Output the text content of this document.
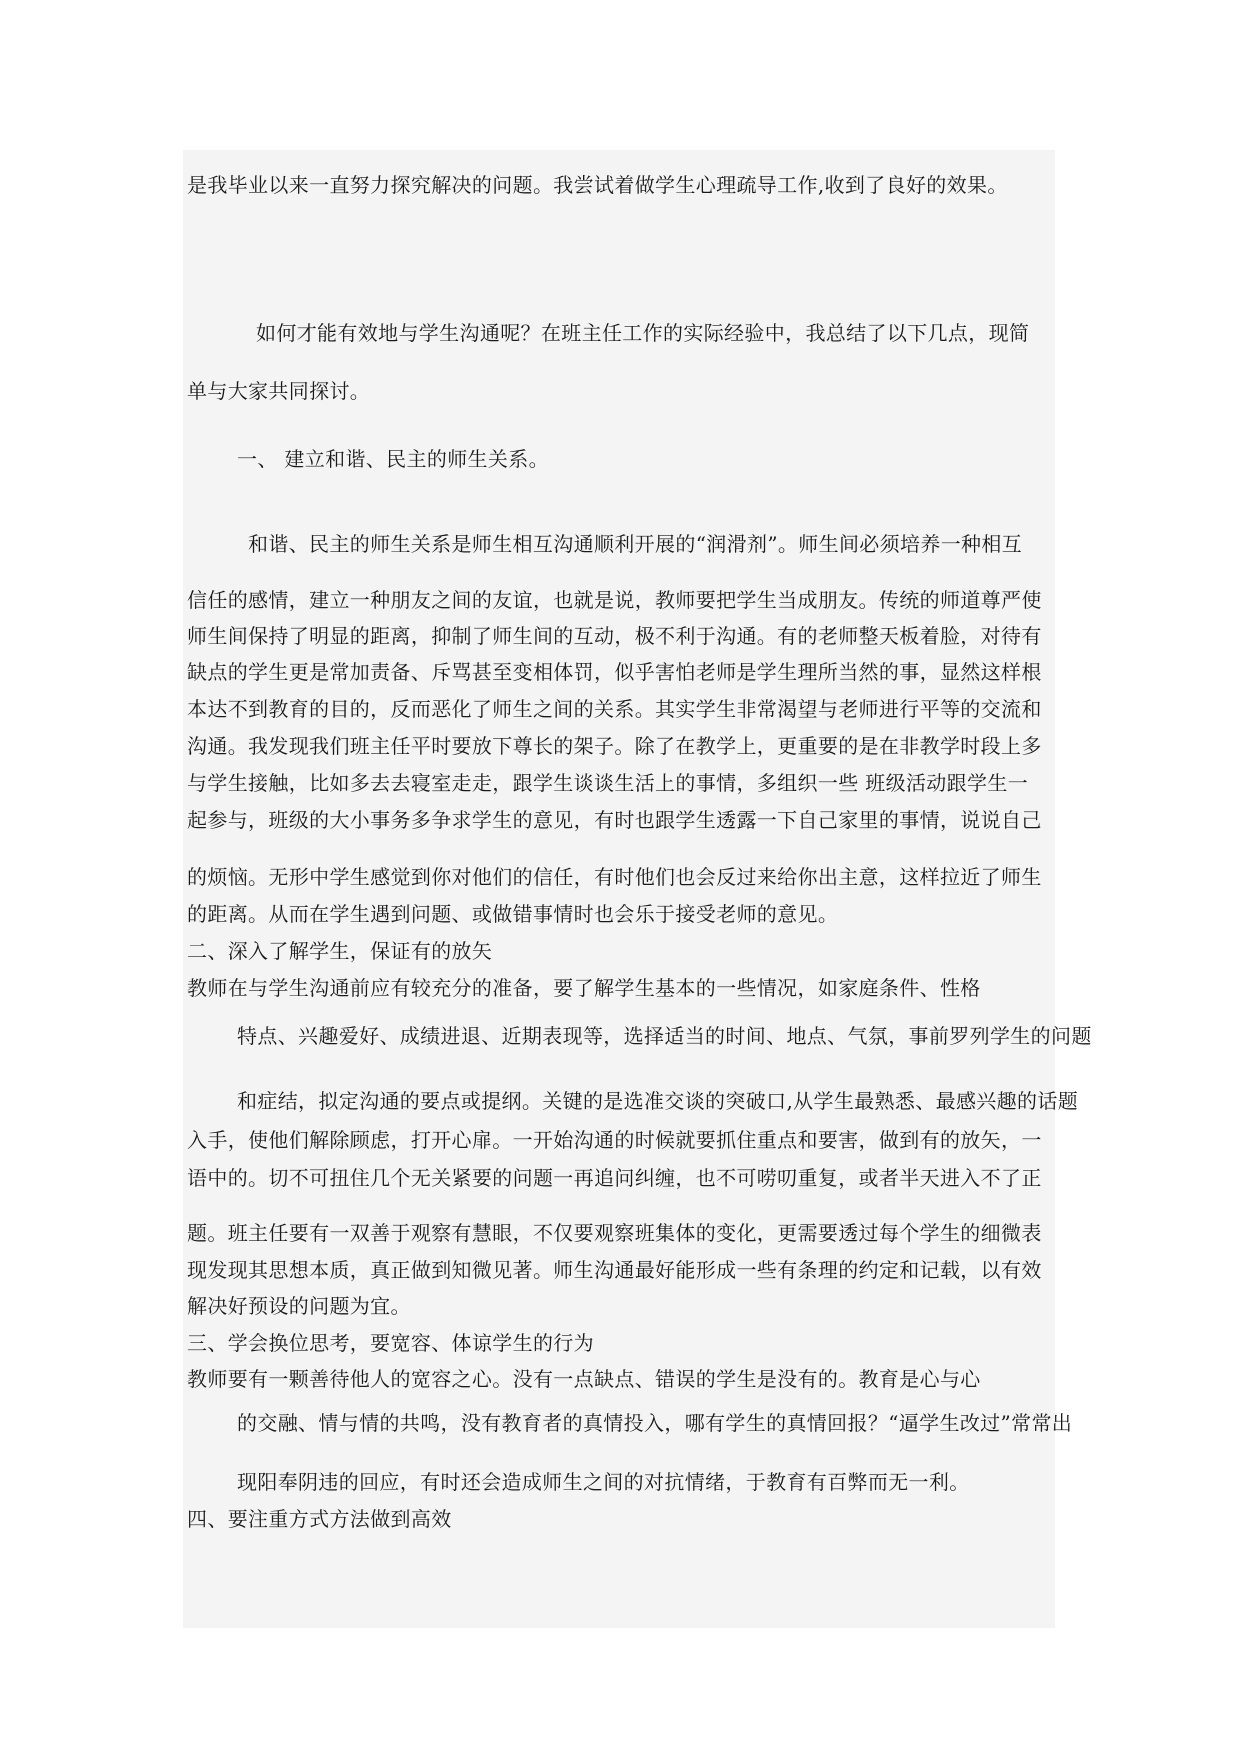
是我毕业以来一直努力探究解决的问题。我尝试着做学生心理疏导工作,收到了良好的效果。
如何才能有效地与学生沟通呢？在班主任工作的实际经验中，我总结了以下几点，现简
单与大家共同探讨。
一、 建立和谐、民主的师生关系。
和谐、民主的师生关系是师生相互沟通顺利开展的“润滑剂”。师生间必须培养一种相互
信任的感情，建立一种朋友之间的友谊，也就是说，教师要把学生当成朋友。传统的师道尊严使
师生间保持了明显的距离，抑制了师生间的互动，极不利于沟通。有的老师整天板着脸，对待有
缺点的学生更是常加责备、斥骂甚至变相体罚，似乎害怕老师是学生理所当然的事，显然这样根
本达不到教育的目的，反而恶化了师生之间的关系。其实学生非常渴望与老师进行平等的交流和
沟通。我发现我们班主任平时要放下尊长的架子。除了在教学上，更重要的是在非教学时段上多
与学生接触，比如多去去寝室走走，跟学生谈谈生活上的事情，多组织一些 班级活动跟学生一
起参与，班级的大小事务多争求学生的意见，有时也跟学生透露一下自己家里的事情，说说自己
的烦恼。无形中学生感觉到你对他们的信任，有时他们也会反过来给你出主意，这样拉近了师生
的距离。从而在学生遇到问题、或做错事情时也会乐于接受老师的意见。
二、深入了解学生，保证有的放矢
教师在与学生沟通前应有较充分的准备，要了解学生基本的一些情况，如家庭条件、性格
特点、兴趣爱好、成绩进退、近期表现等，选择适当的时间、地点、气氛，事前罗列学生的问题
和症结，拟定沟通的要点或提纲。关键的是选准交谈的突破口,从学生最熟悉、最感兴趣的话题
入手，使他们解除顾虑，打开心扉。一开始沟通的时候就要抓住重点和要害，做到有的放矢，一
语中的。切不可扭住几个无关紧要的问题一再追问纠缠，也不可唠叨重复，或者半天进入不了正
题。班主任要有一双善于观察有慧眼，不仅要观察班集体的变化，更需要透过每个学生的细微表
现发现其思想本质，真正做到知微见著。师生沟通最好能形成一些有条理的约定和记载，以有效
解决好预设的问题为宜。
三、学会换位思考，要宽容、体谅学生的行为
教师要有一颗善待他人的宽容之心。没有一点缺点、错误的学生是没有的。教育是心与心
的交融、情与情的共鸣，没有教育者的真情投入，哪有学生的真情回报？“逼学生改过”常常出
现阳奉阴违的回应，有时还会造成师生之间的对抗情绪，于教育有百弊而无一利。
四、要注重方式方法做到高效
